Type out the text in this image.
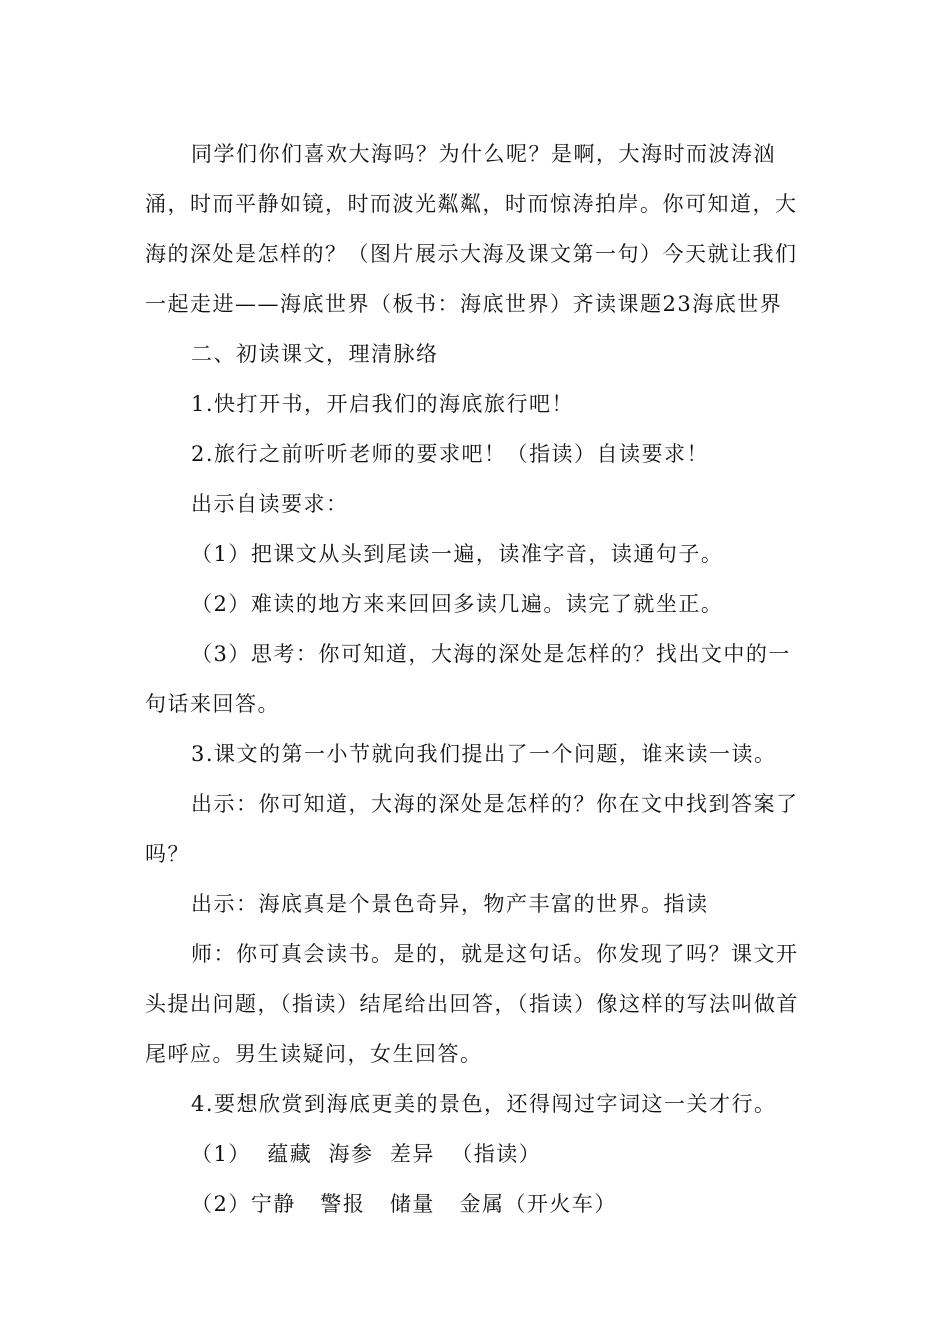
同学们你们喜欢大海吗？为什么呢？是啊，大海时而波涛汹涌，时而平静如镜，时而波光粼粼，时而惊涛拍岸。你可知道，大海的深处是怎样的？（图片展示大海及课文第一句）今天就让我们一起走进——海底世界（板书：海底世界）齐读课题23海底世界

二、初读课文，理清脉络

1.快打开书，开启我们的海底旅行吧！

2.旅行之前听听老师的要求吧！（指读）自读要求！

出示自读要求：

（1）把课文从头到尾读一遍，读准字音，读通句子。

（2）难读的地方来来回回多读几遍。读完了就坐正。

（3）思考：你可知道，大海的深处是怎样的？找出文中的一句话来回答。

3.课文的第一小节就向我们提出了一个问题，谁来读一读。

出示：你可知道，大海的深处是怎样的？你在文中找到答案了吗？

出示：海底真是个景色奇异，物产丰富的世界。指读

师：你可真会读书。是的，就是这句话。你发现了吗？课文开头提出问题，（指读）结尾给出回答，（指读）像这样的写法叫做首尾呼应。男生读疑问，女生回答。

4.要想欣赏到海底更美的景色，还得闯过字词这一关才行。

（1）  蕴藏  海参  差异  （指读）

（2）宁静   警报   储量   金属（开火车）
